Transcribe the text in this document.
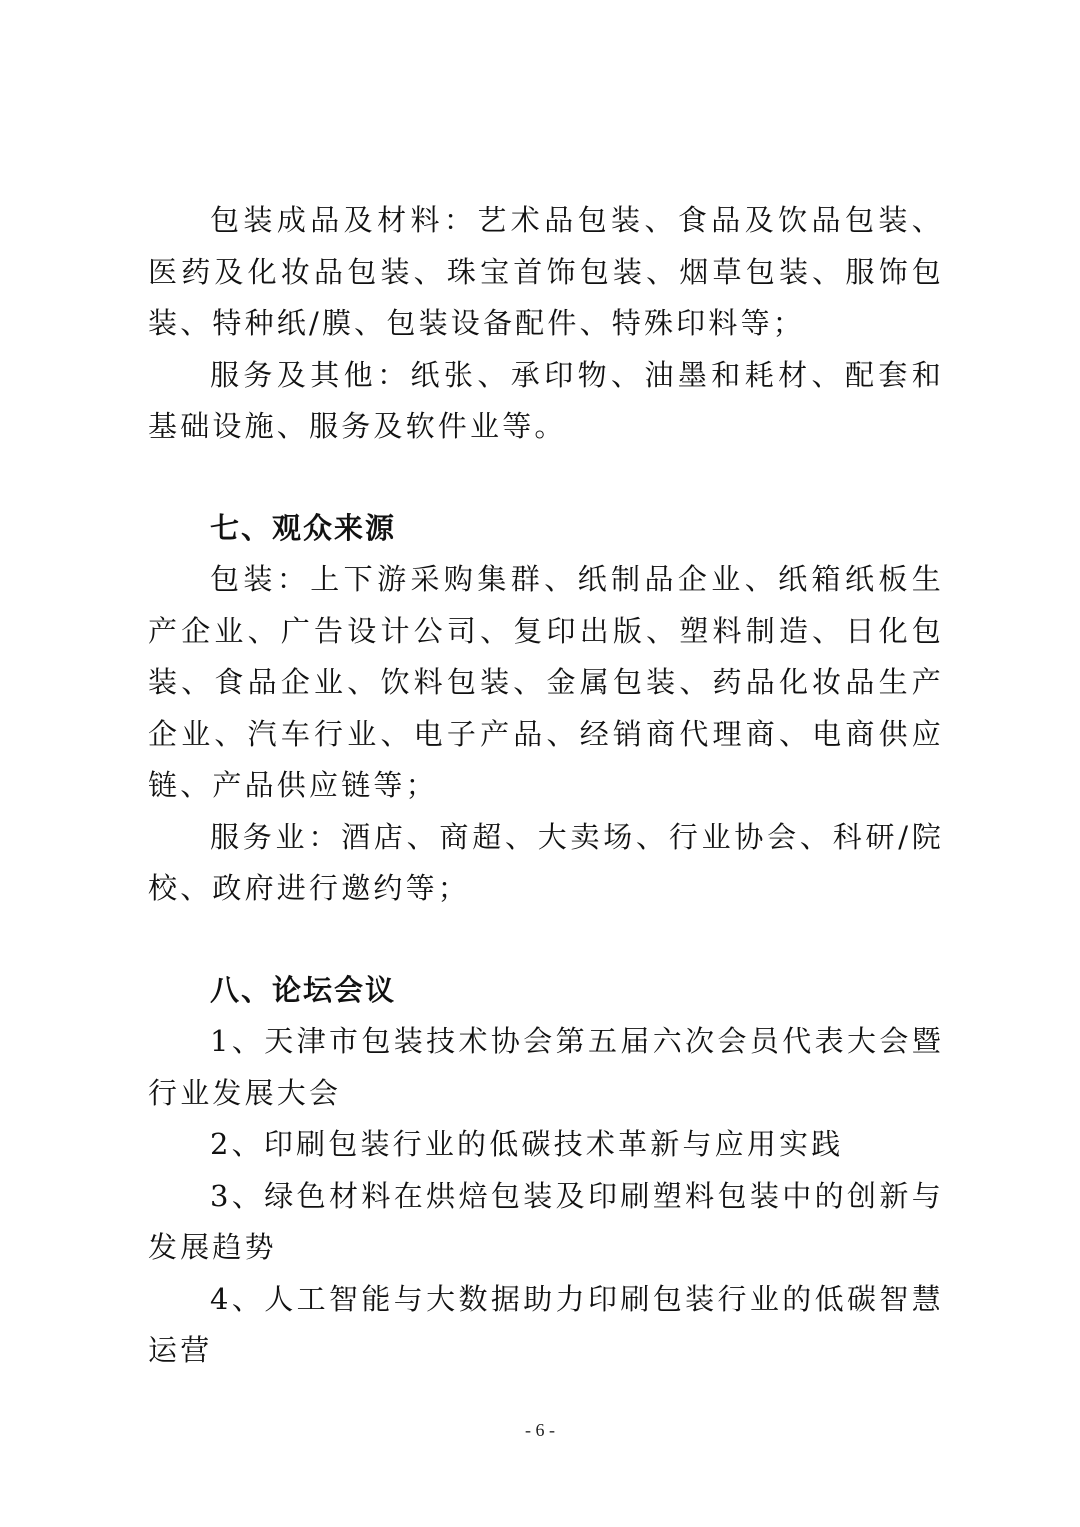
包装成品及材料：艺术品包装、食品及饮品包装、医药及化妆品包装、珠宝首饰包装、烟草包装、服饰包装、特种纸/膜、包装设备配件、特殊印料等；

服务及其他：纸张、承印物、油墨和耗材、配套和基础设施、服务及软件业等。

七、观众来源

包装：上下游采购集群、纸制品企业、纸箱纸板生产企业、广告设计公司、复印出版、塑料制造、日化包装、食品企业、饮料包装、金属包装、药品化妆品生产企业、汽车行业、电子产品、经销商代理商、电商供应链、产品供应链等；

服务业：酒店、商超、大卖场、行业协会、科研/院校、政府进行邀约等；

八、论坛会议

1、天津市包装技术协会第五届六次会员代表大会暨行业发展大会

2、印刷包装行业的低碳技术革新与应用实践

3、绿色材料在烘焙包装及印刷塑料包装中的创新与发展趋势

4、人工智能与大数据助力印刷包装行业的低碳智慧运营

- 6 -
